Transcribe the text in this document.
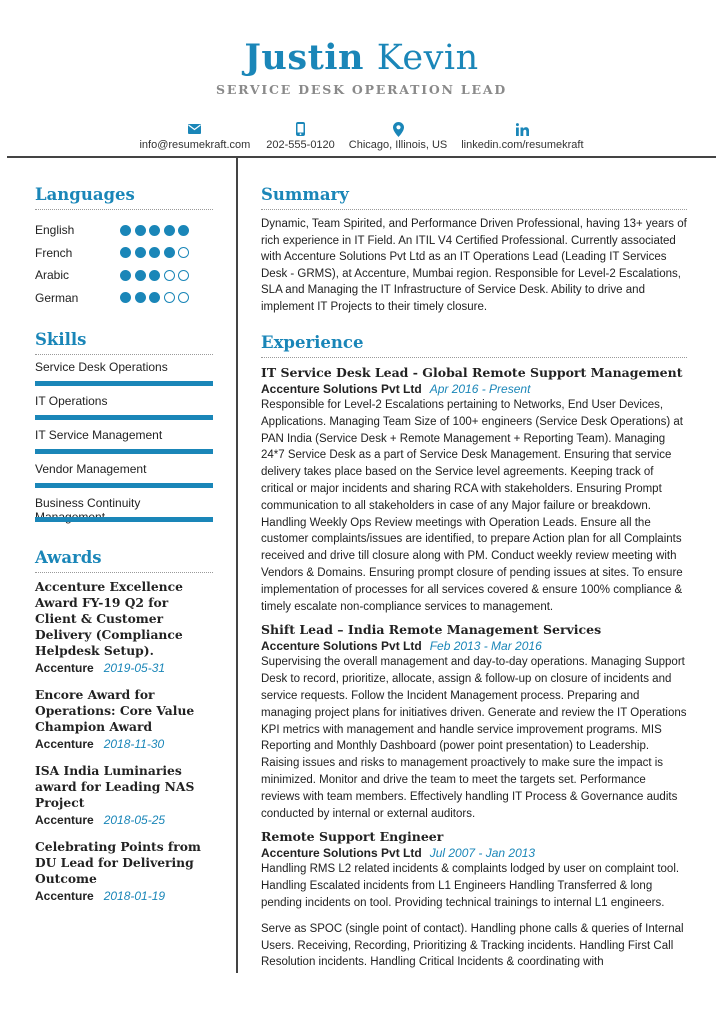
Justin Kevin
SERVICE DESK OPERATION LEAD
info@resumekraft.com 202-555-0120 Chicago, Illinois, US linkedin.com/resumekraft
Languages
English
French
Arabic
German
Skills
Service Desk Operations
IT Operations
IT Service Management
Vendor Management
Business Continuity
Awards
Accenture Excellence Award FY-19 Q2 for Client & Customer Delivery (Compliance Helpdesk Setup).
Accenture 2019-05-31
Encore Award for Operations: Core Value Champion Award
Accenture 2018-11-30
ISA India Luminaries award for Leading NAS Project
Accenture 2018-05-25
Celebrating Points from DU Lead for Delivering Outcome
Accenture 2018-01-19
Summary
Dynamic, Team Spirited, and Performance Driven Professional, having 13+ years of rich experience in IT Field. An ITIL V4 Certified Professional. Currently associated with Accenture Solutions Pvt Ltd as an IT Operations Lead (Leading IT Services Desk - GRMS), at Accenture, Mumbai region. Responsible for Level-2 Escalations, SLA and Managing the IT Infrastructure of Service Desk. Ability to drive and implement IT Projects to their timely closure.
Experience
IT Service Desk Lead - Global Remote Support Management
Accenture Solutions Pvt Ltd Apr 2016 - Present
Responsible for Level-2 Escalations pertaining to Networks, End User Devices, Applications. Managing Team Size of 100+ engineers (Service Desk Operations) at PAN India (Service Desk + Remote Management + Reporting Team). Managing 24*7 Service Desk as a part of Service Desk Management. Ensuring that service delivery takes place based on the Service level agreements. Keeping track of critical or major incidents and sharing RCA with stakeholders. Ensuring Prompt communication to all stakeholders in case of any Major failure or breakdown. Handling Weekly Ops Review meetings with Operation Leads. Ensure all the customer complaints/issues are identified, to prepare Action plan for all Complaints received and drive till closure along with PM. Conduct weekly review meeting with Vendors & Domains. Ensuring prompt closure of pending issues at sites. To ensure implementation of processes for all services covered & ensure 100% compliance & timely escalate non-compliance services to management.
Shift Lead – India Remote Management Services
Accenture Solutions Pvt Ltd Feb 2013 - Mar 2016
Supervising the overall management and day-to-day operations. Managing Support Desk to record, prioritize, allocate, assign & follow-up on closure of incidents and service requests. Follow the Incident Management process. Preparing and managing project plans for initiatives driven. Generate and review the IT Operations KPI metrics with management and handle service improvement programs. MIS Reporting and Monthly Dashboard (power point presentation) to Leadership. Raising issues and risks to management proactively to make sure the impact is minimized. Monitor and drive the team to meet the targets set. Performance reviews with team members. Effectively handling IT Process & Governance audits conducted by internal or external auditors.
Remote Support Engineer
Accenture Solutions Pvt Ltd Jul 2007 - Jan 2013
Handling RMS L2 related incidents & complaints lodged by user on complaint tool. Handling Escalated incidents from L1 Engineers Handling Transferred & long pending incidents on tool. Providing technical trainings to internal L1 engineers.
Serve as SPOC (single point of contact). Handling phone calls & queries of Internal Users. Receiving, Recording, Prioritizing & Tracking incidents. Handling First Call Resolution incidents. Handling Critical Incidents & coordinating with
